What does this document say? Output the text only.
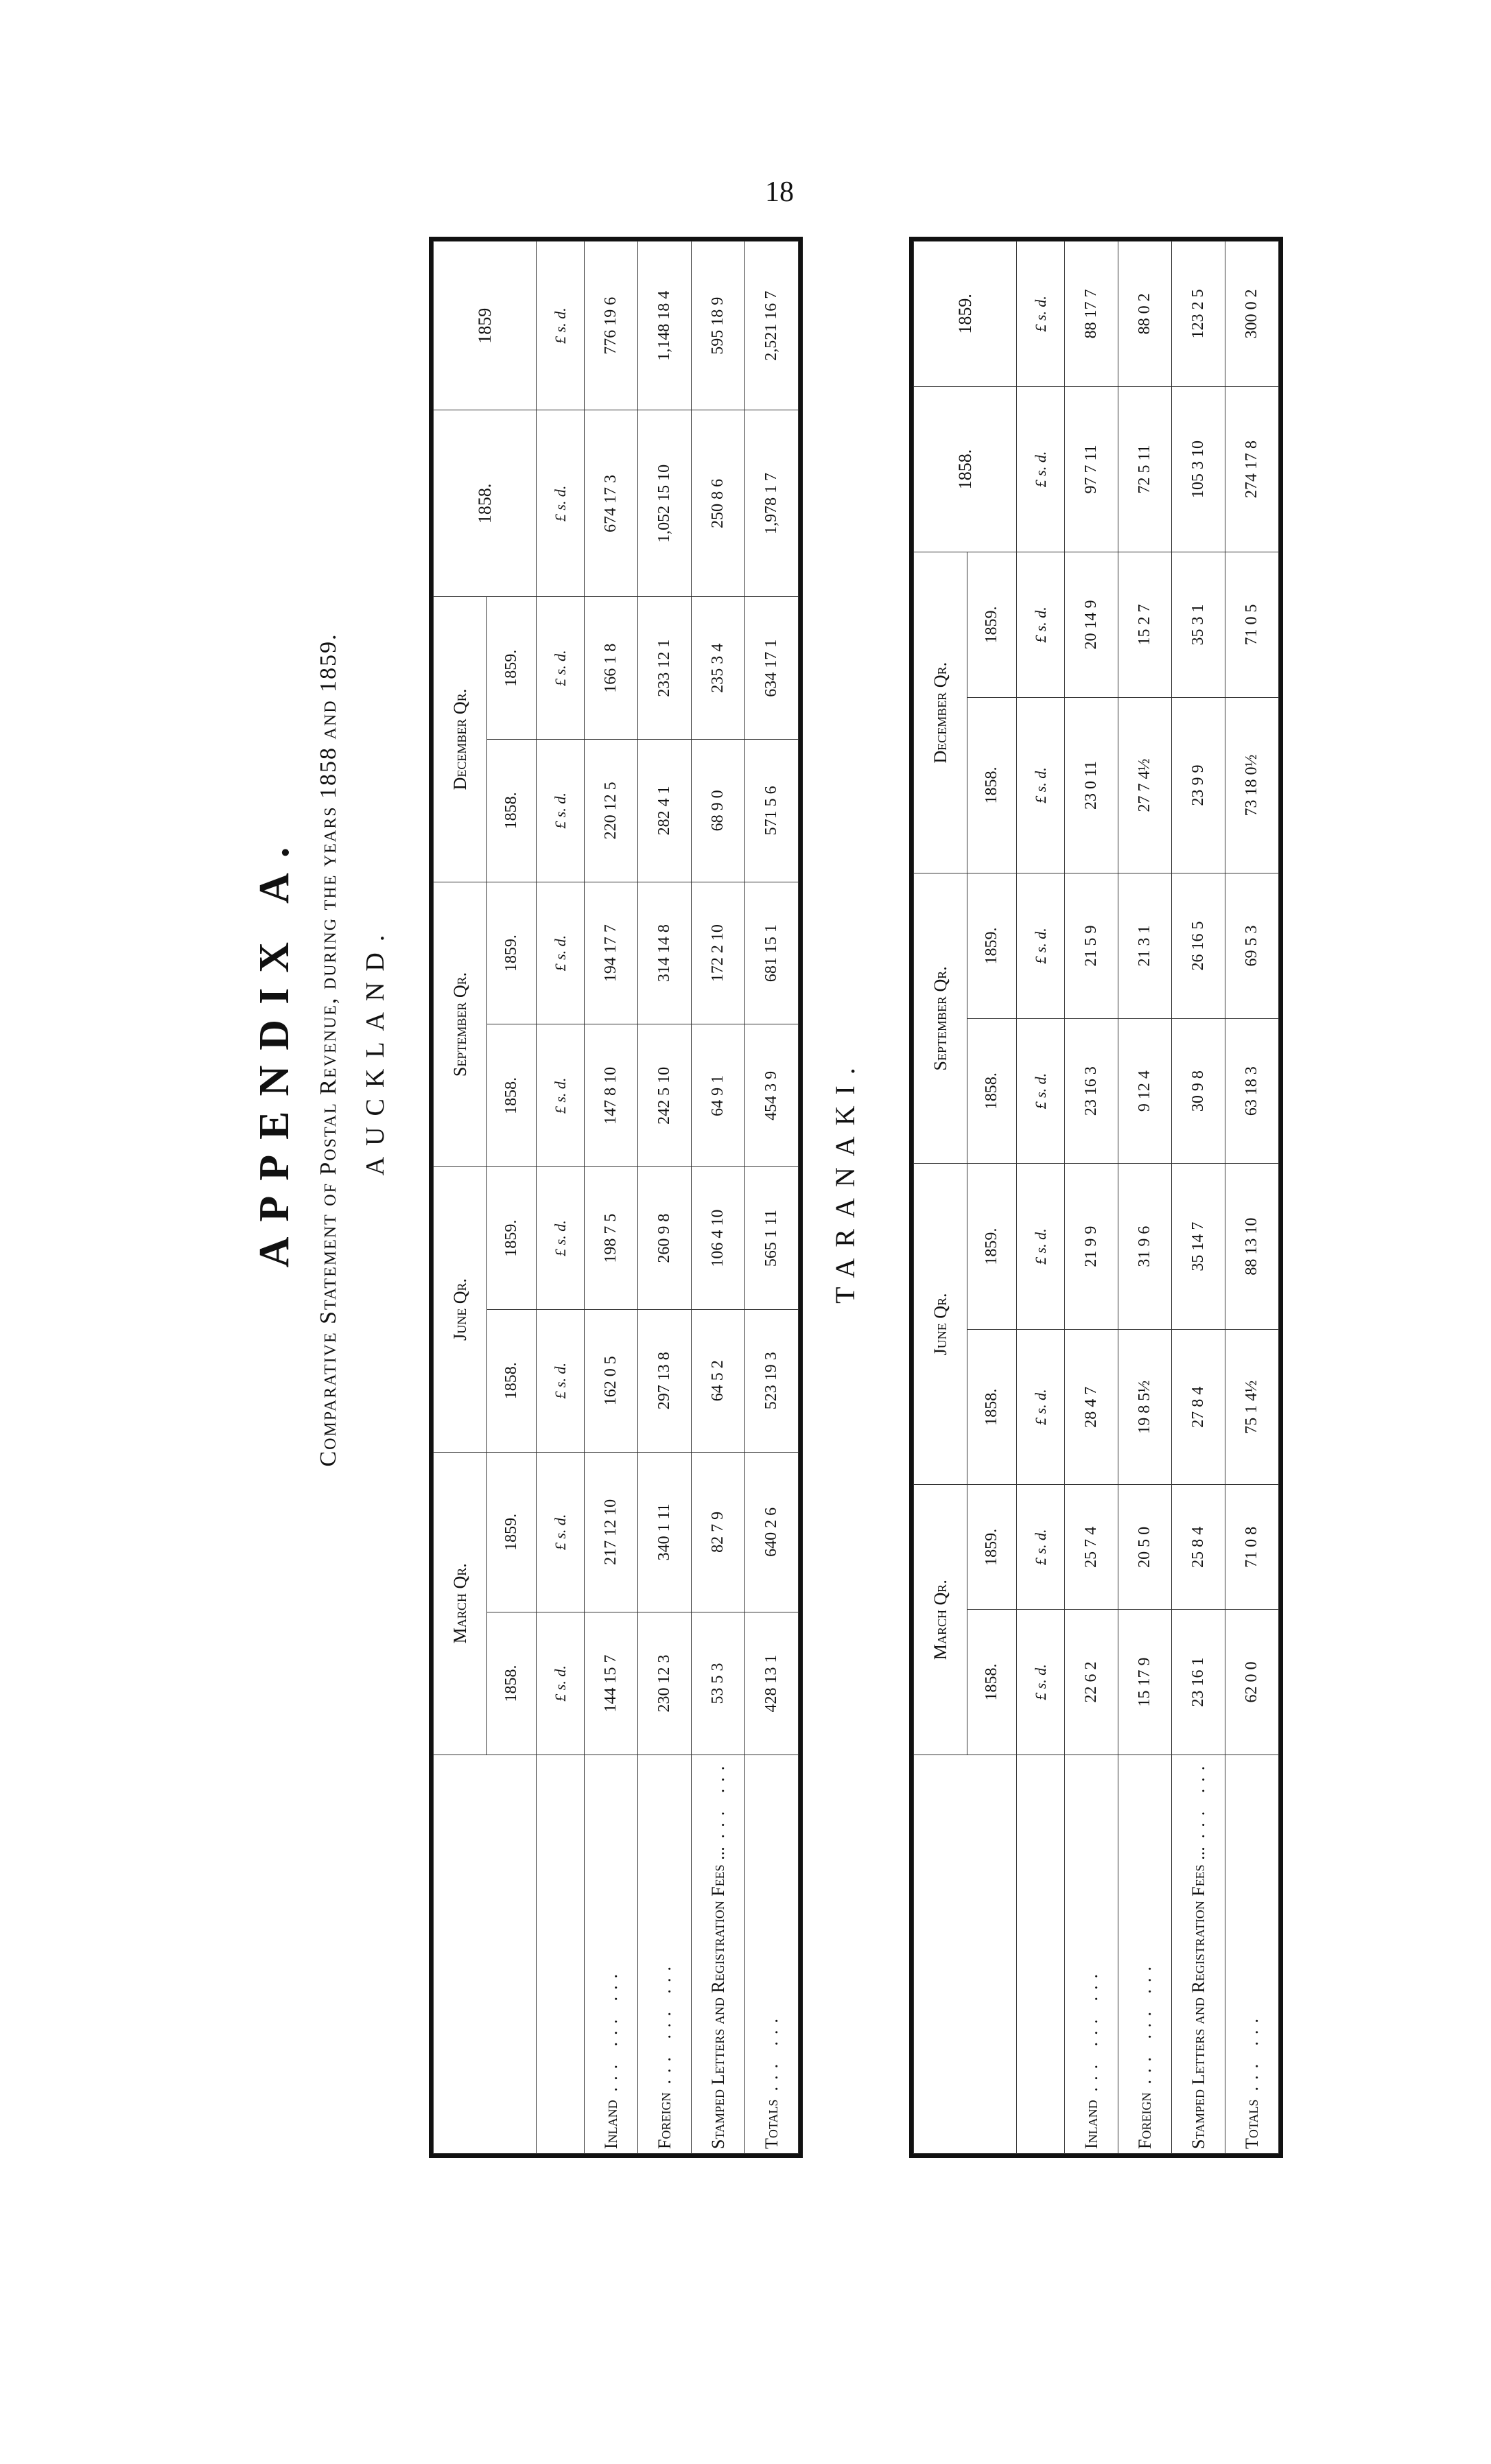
18
APPENDIX A. Comparative Statement of Postal Revenue, during the years 1858 and 1859. AUCKLAND.
TARANAKI.
	March Qr.		June Qr.		September Qr.		December Qr.		1858.	1859
	1858.	1859.	1858.	1859.	1858.	1859.	1858.	1859.		
	£ s. d.	£ s. d.	£ s. d.	£ s. d.	£ s. d.	£ s. d.	£ s. d.	£ s. d.	£ s. d.	£ s. d.
Inland... ... ...	144 15 7	217 12 10	162 0 5	198 7 5	147 8 10	194 17 7	220 12 5	166 1 8	674 17 3	776 19 6
Foreign... ... ...	230 12 3	340 1 11	297 13 8	260 9 8	242 5 10	314 14 8	282 4 1	233 12 1	1,052 15 10	1,148 18 4
Stamped Letters and Registration Fees ...... ...	53 5 3	82 7 9	64 5 2	106 4 10	64 9 1	172 2 10	68 9 0	235 3 4	250 8 6	595 18 9
Totals... ...	428 13 1	640 2 6	523 19 3	565 1 11	454 3 9	681 15 1	571 5 6	634 17 1	1,978 1 7	2,521 16 7
	March Qr.		June Qr.		September Qr.		December Qr.		1858.	1859.
	1858.	1859.	1858.	1859.	1858.	1859.	1858.	1859.		
	£ s. d.	£ s. d.	£ s. d.	£ s. d.	£ s. d.	£ s. d.	£ s. d.	£ s. d.	£ s. d.	£ s. d.
Inland... ... ...	22 6 2	25 7 4	28 4 7	21 9 9	23 16 3	21 5 9	23 0 11	20 14 9	97 7 11	88 17 7
Foreign... ... ...	15 17 9	20 5 0	19 8 5½	31 9 6	9 12 4	21 3 1	27 7 4½	15 2 7	72 5 11	88 0 2
Stamped Letters and Registration Fees ...... ...	23 16 1	25 8 4	27 8 4	35 14 7	30 9 8	26 16 5	23 9 9	35 3 1	105 3 10	123 2 5
Totals... ...	62 0 0	71 0 8	75 1 4½	88 13 10	63 18 3	69 5 3	73 18 0½	71 0 5	274 17 8	300 0 2
